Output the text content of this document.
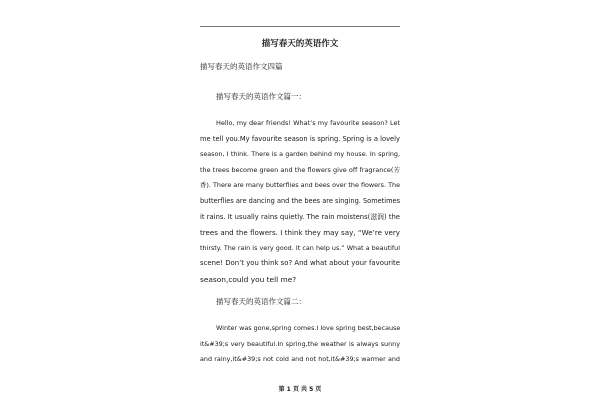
描写春天的英语作文
描写春天的英语作文四篇
描写春天的英语作文篇一：
Hello, my dear friends! What’s my favourite season? Let
me tell you.My favourite season is spring. Spring is a lovely
season, I think. There is a garden behind my house. In spring,
the trees become green and the flowers give off fragrance(芳
香). There are many butterflies and bees over the flowers. The
butterflies are dancing and the bees are singing. Sometimes
it rains. It usually rains quietly. The rain moistens(滋润) the
trees and the flowers. I think they may say, “We’re very
thirsty. The rain is very good. It can help us.” What a beautiful
scene! Don’t you think so? And what about your favourite
season,could you tell me?
描写春天的英语作文篇二：
Winter was gone,spring comes.I love spring best,because
it&#39;s very beautiful.In spring,the weather is always sunny
and rainy,it&#39;s not cold and not hot,it&#39;s warmer and
第 1 页 共 5 页
